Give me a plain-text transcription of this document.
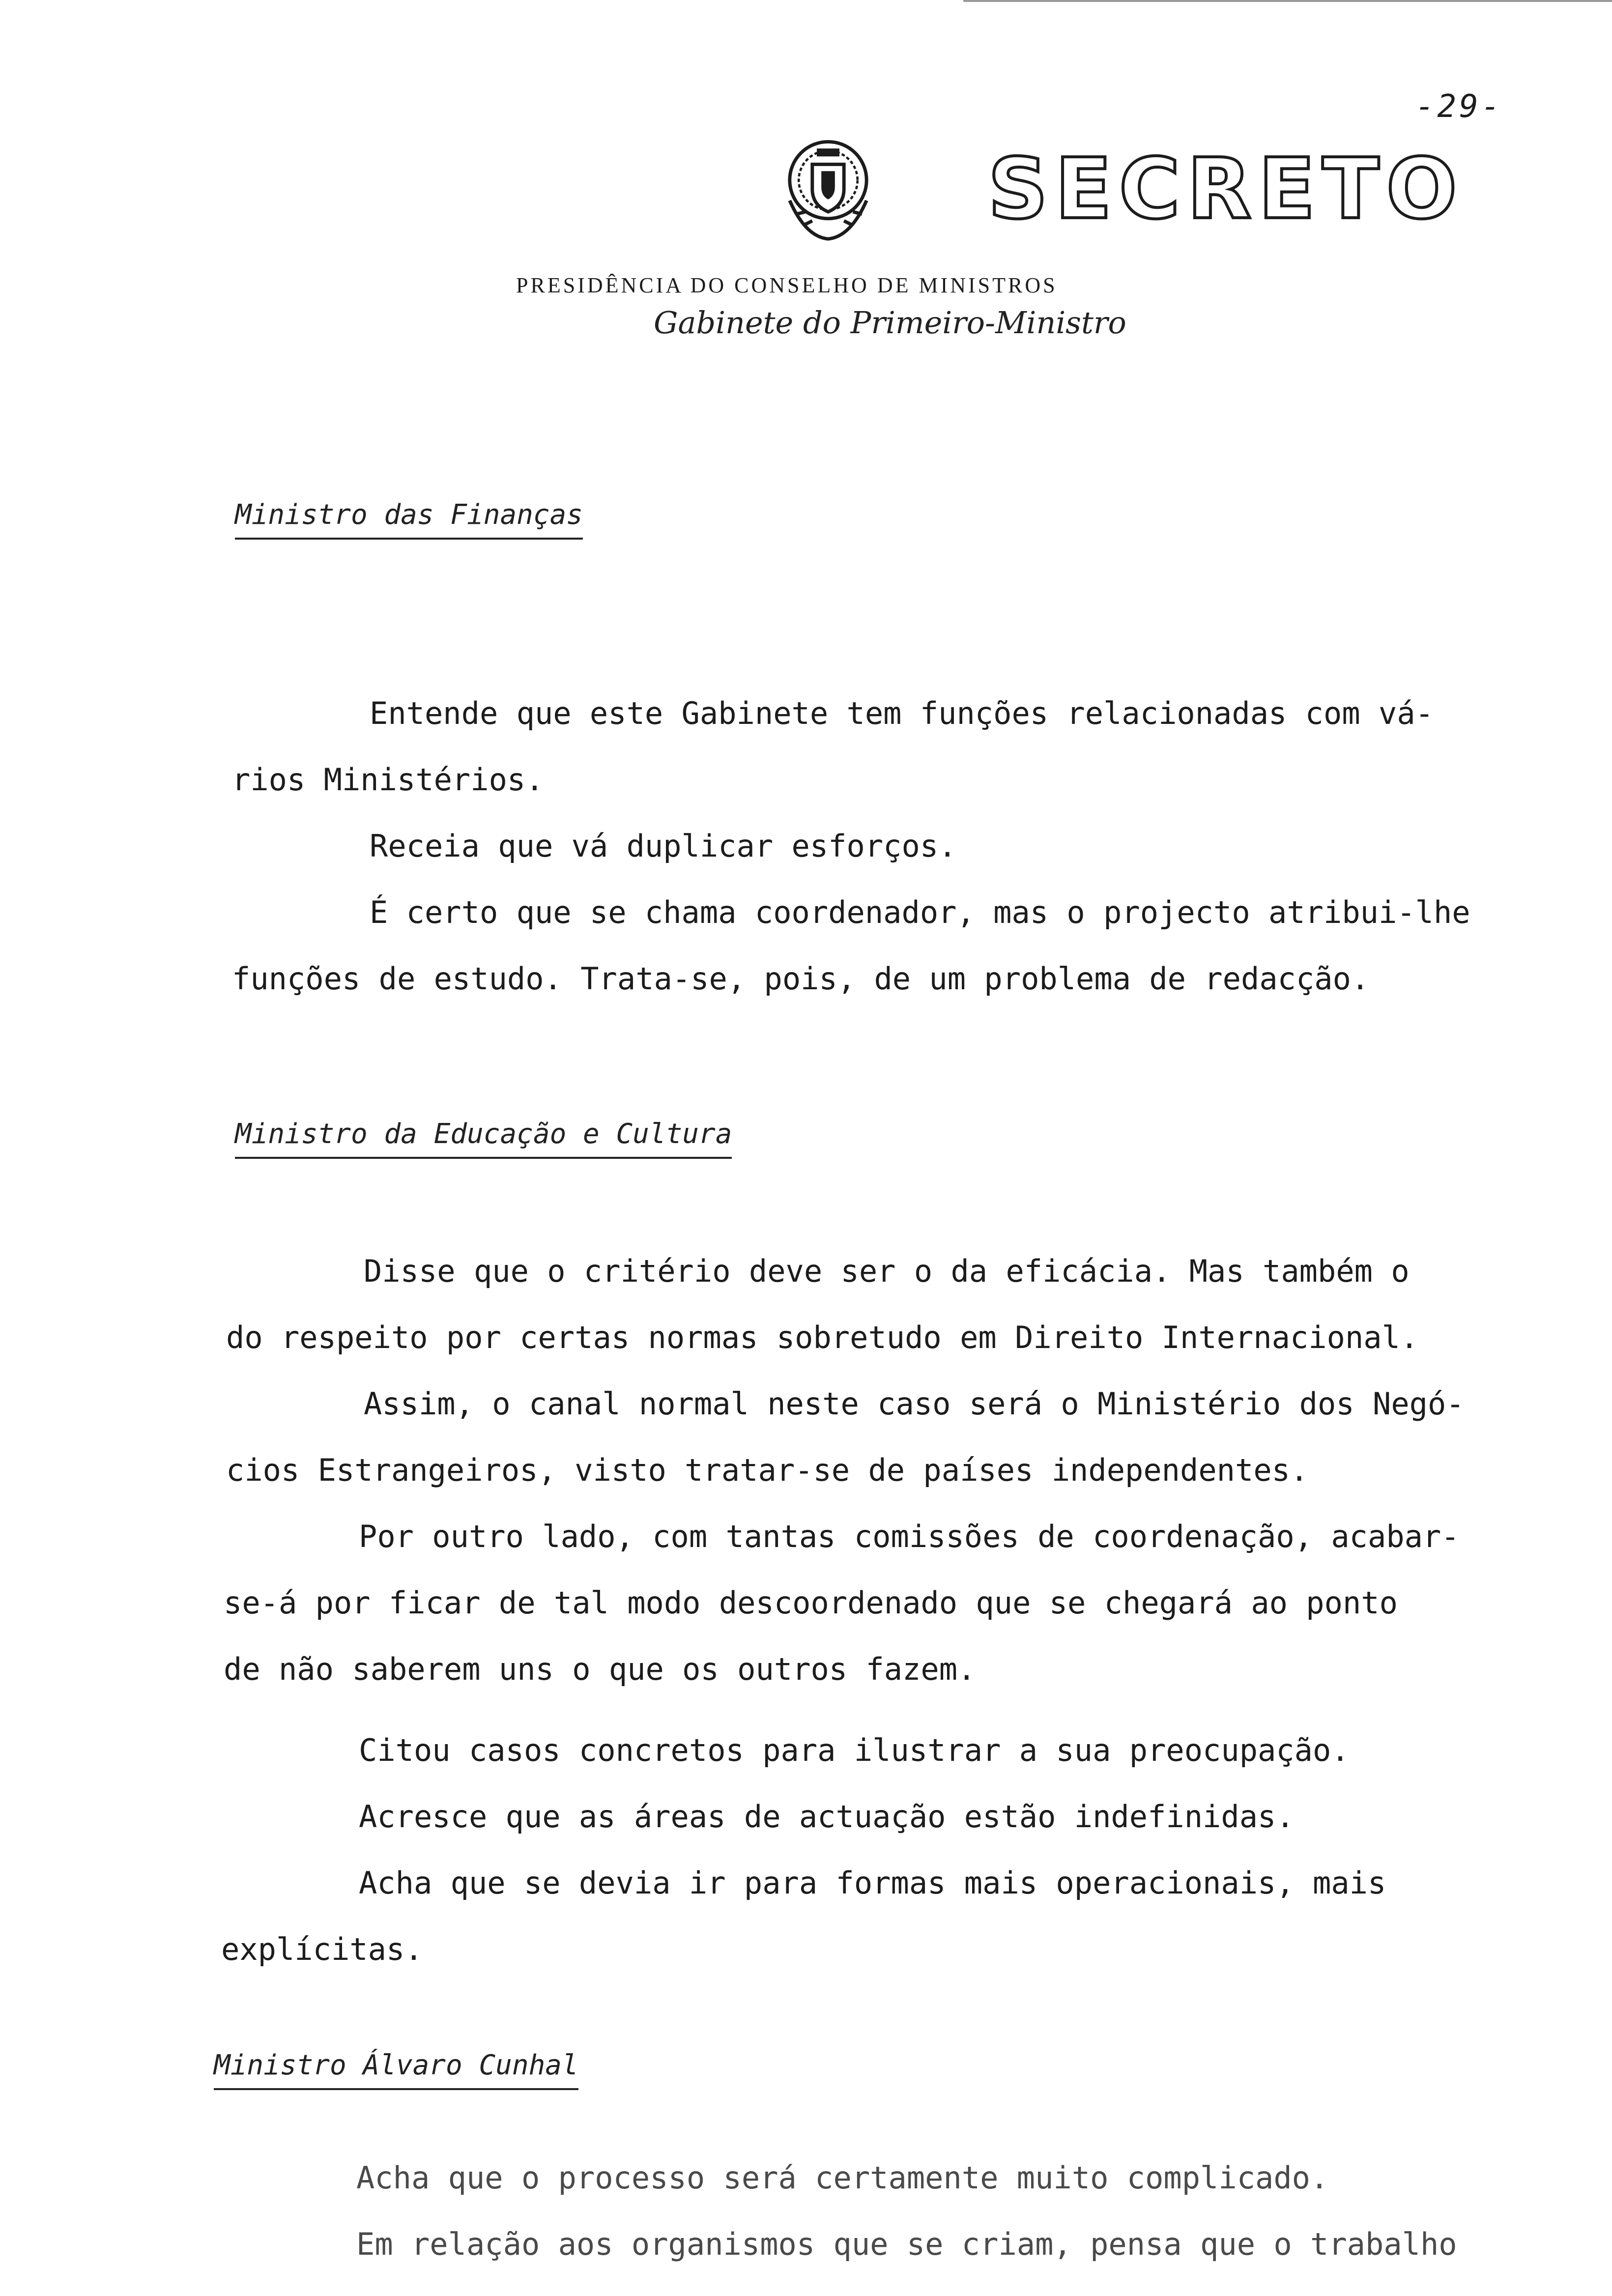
-29-
SECRETO
PRESIDÊNCIA DO CONSELHO DE MINISTROS
Gabinete do Primeiro-Ministro
Ministro das Finanças
Entende que este Gabinete tem funções relacionadas com vá-
rios Ministérios.
Receia que vá duplicar esforços.
É certo que se chama coordenador, mas o projecto atribui-lhe
funções de estudo. Trata-se, pois, de um problema de redacção.
Ministro da Educação e Cultura
Disse que o critério deve ser o da eficácia. Mas também o
do respeito por certas normas sobretudo em Direito Internacional.
Assim, o canal normal neste caso será o Ministério dos Negó-
cios Estrangeiros, visto tratar-se de países independentes.
Por outro lado, com tantas comissões de coordenação, acabar-
se-á por ficar de tal modo descoordenado que se chegará ao ponto
de não saberem uns o que os outros fazem.
Citou casos concretos para ilustrar a sua preocupação.
Acresce que as áreas de actuação estão indefinidas.
Acha que se devia ir para formas mais operacionais, mais
explícitas.
Ministro Álvaro Cunhal
Acha que o processo será certamente muito complicado.
Em relação aos organismos que se criam, pensa que o trabalho
